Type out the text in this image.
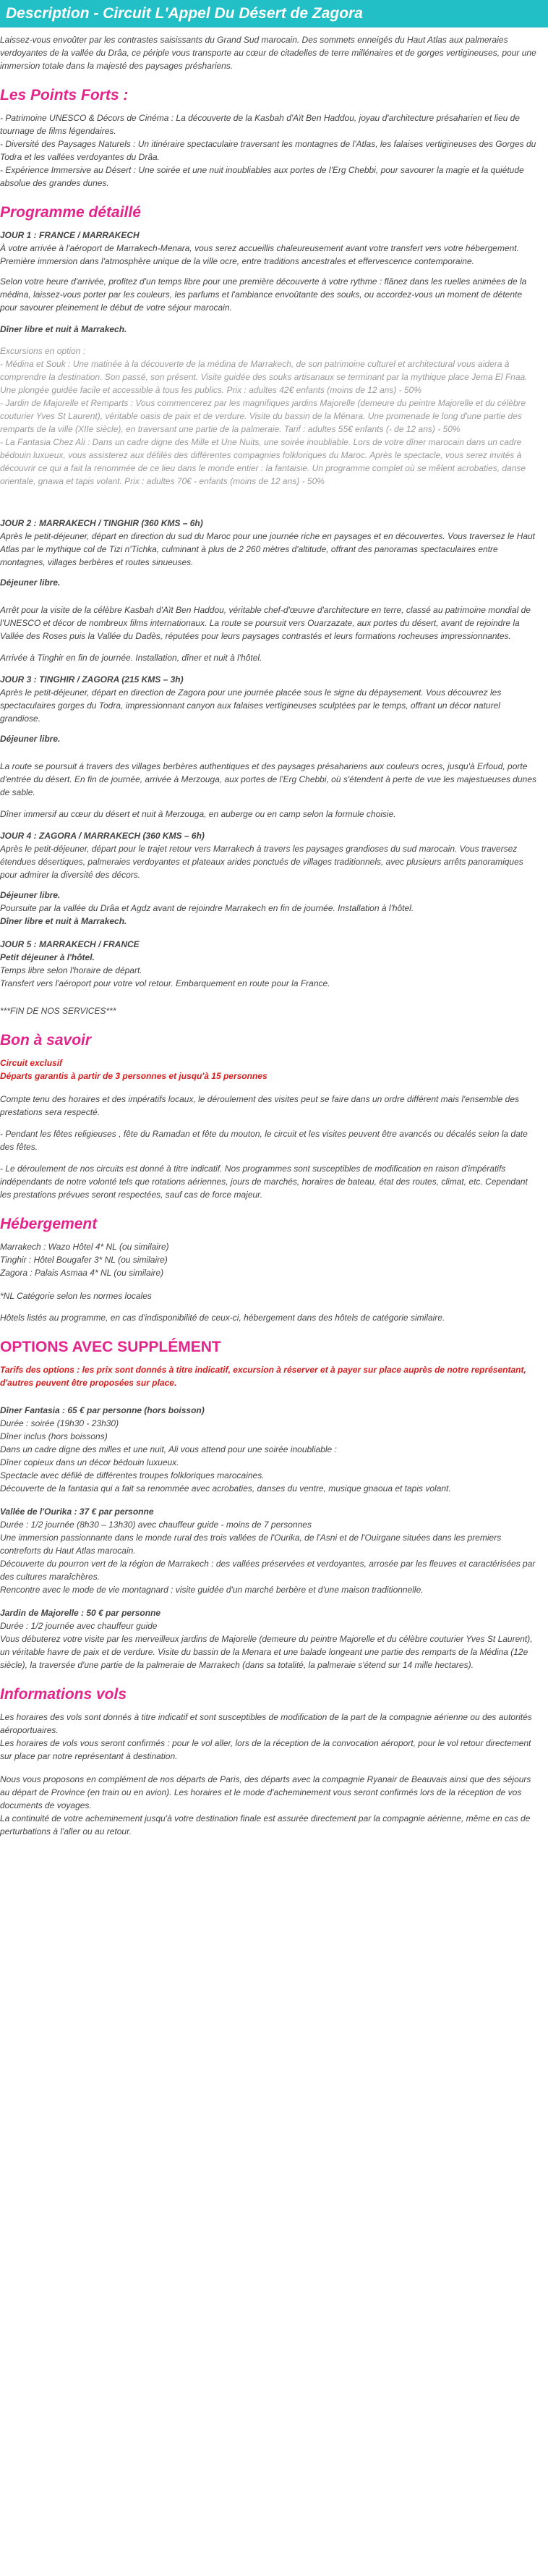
Description - Circuit L'Appel Du Désert de Zagora

Laissez-vous envoûter par les contrastes saisissants du Grand Sud marocain. Des sommets enneigés du Haut Atlas aux palmeraies verdoyantes de la vallée du Drâa, ce périple vous transporte au cœur de citadelles de terre millénaires et de gorges vertigineuses, pour une immersion totale dans la majesté des paysages préshariens.

Les Points Forts :
- Patrimoine UNESCO & Décors de Cinéma : La découverte de la Kasbah d'Aït Ben Haddou, joyau d'architecture présaharien et lieu de tournage de films légendaires.
- Diversité des Paysages Naturels : Un itinéraire spectaculaire traversant les montagnes de l'Atlas, les falaises vertigineuses des Gorges du Todra et les vallées verdoyantes du Drâa.
- Expérience Immersive au Désert : Une soirée et une nuit inoubliables aux portes de l'Erg Chebbi, pour savourer la magie et la quiétude absolue des grandes dunes.
Programme détaillé
JOUR 1 : FRANCE / MARRAKECH
À votre arrivée à l'aéroport de Marrakech-Menara, vous serez accueillis chaleureusement avant votre transfert vers votre hébergement. Première immersion dans l'atmosphère unique de la ville ocre, entre traditions ancestrales et effervescence contemporaine.

Selon votre heure d'arrivée, profitez d'un temps libre pour une première découverte à votre rythme : flânez dans les ruelles animées de la médina, laissez-vous porter par les couleurs, les parfums et l'ambiance envoûtante des souks, ou accordez-vous un moment de détente pour savourer pleinement le début de votre séjour marocain.

Dîner libre et nuit à Marrakech.

Excursions en option :
- Médina et Souk : Une matinée à la découverte de la médina de Marrakech, de son patrimoine culturel et architectural vous aidera à comprendre la destination. Son passé, son présent. Visite guidée des souks artisanaux se terminant par la mythique place Jema El Fnaa. Une plongée guidée facile et accessible à tous les publics. Prix : adultes 42€ enfants (moins de 12 ans) - 50%
- Jardin de Majorelle et Remparts : Vous commencerez par les magnifiques jardins Majorelle (demeure du peintre Majorelle et du célèbre couturier Yves St Laurent), véritable oasis de paix et de verdure. Visite du bassin de la Ménara. Une promenade le long d'une partie des remparts de la ville (XIIe siècle), en traversant une partie de la palmeraie. Tarif : adultes 55€ enfants (- de 12 ans) - 50%
- La Fantasia Chez Ali : Dans un cadre digne des Mille et Une Nuits, une soirée inoubliable. Lors de votre dîner marocain dans un cadre bédouin luxueux, vous assisterez aux défilés des différentes compagnies folkloriques du Maroc. Après le spectacle, vous serez invités à découvrir ce qui a fait la renommée de ce lieu dans le monde entier : la fantaisie. Un programme complet où se mêlent acrobaties, danse orientale, gnawa et tapis volant. Prix : adultes 70€ - enfants (moins de 12 ans) - 50%
JOUR 2 : MARRAKECH / TINGHIR (360 KMS – 6h)
Après le petit-déjeuner, départ en direction du sud du Maroc pour une journée riche en paysages et en découvertes. Vous traversez le Haut Atlas par le mythique col de Tizi n'Tichka, culminant à plus de 2 260 mètres d'altitude, offrant des panoramas spectaculaires entre montagnes, villages berbères et routes sinueuses.

Déjeuner libre.

Arrêt pour la visite de la célèbre Kasbah d'Aït Ben Haddou, véritable chef-d'œuvre d'architecture en terre, classé au patrimoine mondial de l'UNESCO et décor de nombreux films internationaux. La route se poursuit vers Ouarzazate, aux portes du désert, avant de rejoindre la Vallée des Roses puis la Vallée du Dadès, réputées pour leurs paysages contrastés et leurs formations rocheuses impressionnantes.

Arrivée à Tinghir en fin de journée. Installation, dîner et nuit à l'hôtel.

JOUR 3 : TINGHIR / ZAGORA (215 KMS – 3h)
Après le petit-déjeuner, départ en direction de Zagora pour une journée placée sous le signe du dépaysement. Vous découvrez les spectaculaires gorges du Todra, impressionnant canyon aux falaises vertigineuses sculptées par le temps, offrant un décor naturel grandiose.

Déjeuner libre.

La route se poursuit à travers des villages berbères authentiques et des paysages présahariens aux couleurs ocres, jusqu'à Erfoud, porte d'entrée du désert. En fin de journée, arrivée à Merzouga, aux portes de l'Erg Chebbi, où s'étendent à perte de vue les majestueuses dunes de sable.

Dîner immersif au cœur du désert et nuit à Merzouga, en auberge ou en camp selon la formule choisie.

JOUR 4 : ZAGORA / MARRAKECH (360 KMS – 6h)
Après le petit-déjeuner, départ pour le trajet retour vers Marrakech à travers les paysages grandioses du sud marocain. Vous traversez étendues désertiques, palmeraies verdoyantes et plateaux arides ponctués de villages traditionnels, avec plusieurs arrêts panoramiques pour admirer la diversité des décors.
Déjeuner libre.
Poursuite par la vallée du Drâa et Agdz avant de rejoindre Marrakech en fin de journée. Installation à l'hôtel.
Dîner libre et nuit à Marrakech.
JOUR 5 : MARRAKECH / FRANCE
Petit déjeuner à l'hôtel.
Temps libre selon l'horaire de départ.
Transfert vers l'aéroport pour votre vol retour. Embarquement en route pour la France.

***FIN DE NOS SERVICES***

Bon à savoir
Circuit exclusif
Départs garantis à partir de 3 personnes et jusqu'à 15 personnes

Compte tenu des horaires et des impératifs locaux, le déroulement des visites peut se faire dans un ordre différent mais l'ensemble des prestations sera respecté.

- Pendant les fêtes religieuses , fête du Ramadan et fête du mouton, le circuit et les visites peuvent être avancés ou décalés selon la date des fêtes.

- Le déroulement de nos circuits est donné à titre indicatif. Nos programmes sont susceptibles de modification en raison d'impératifs indépendants de notre volonté tels que rotations aériennes, jours de marchés, horaires de bateau, état des routes, climat, etc. Cependant les prestations prévues seront respectées, sauf cas de force majeur.

Hébergement
Marrakech : Wazo Hôtel 4* NL (ou similaire)
Tinghir : Hôtel Bougafer 3* NL (ou similaire)
Zagora : Palais Asmaa 4* NL (ou similaire)

*NL Catégorie selon les normes locales

Hôtels listés au programme, en cas d'indisponibilité de ceux-ci, hébergement dans des hôtels de catégorie similaire.

OPTIONS AVEC SUPPLÉMENT

Tarifs des options : les prix sont donnés à titre indicatif, excursion à réserver et à payer sur place auprès de notre représentant, d'autres peuvent être proposées sur place.

Dîner Fantasia : 65 € par personne (hors boisson)
Durée : soirée (19h30 - 23h30)
Dîner inclus (hors boissons)
Dans un cadre digne des milles et une nuit, Ali vous attend pour une soirée inoubliable :
Dîner copieux dans un décor bédouin luxueux.
Spectacle avec défilé de différentes troupes folkloriques marocaines.
Découverte de la fantasia qui a fait sa renommée avec acrobaties, danses du ventre, musique gnaoua et tapis volant.
Vallée de l'Ourika : 37 € par personne
Durée : 1/2 journée (8h30 – 13h30) avec chauffeur guide - moins de 7 personnes
Une immersion passionnante dans le monde rural des trois vallées de l'Ourika, de l'Asni et de l'Ouirgane situées dans les premiers contreforts du Haut Atlas marocain.
Découverte du pourron vert de la région de Marrakech : des vallées préservées et verdoyantes, arrosée par les fleuves et caractérisées par des cultures maraîchères.
Rencontre avec le mode de vie montagnard : visite guidée d'un marché berbère et d'une maison traditionnelle.
Jardin de Majorelle : 50 € par personne
Durée : 1/2 journée avec chauffeur guide
Vous débuterez votre visite par les merveilleux jardins de Majorelle (demeure du peintre Majorelle et du célèbre couturier Yves St Laurent), un véritable havre de paix et de verdure. Visite du bassin de la Menara et une balade longeant une partie des remparts de la Médina (12e siècle), la traversée d'une partie de la palmeraie de Marrakech (dans sa totalité, la palmeraie s'étend sur 14 mille hectares).
Informations vols
Les horaires des vols sont donnés à titre indicatif et sont susceptibles de modification de la part de la compagnie aérienne ou des autorités aéroportuaires.
Les horaires de vols vous seront confirmés : pour le vol aller, lors de la réception de la convocation aéroport, pour le vol retour directement sur place par notre représentant à destination.
Nous vous proposons en complément de nos départs de Paris, des départs avec la compagnie Ryanair de Beauvais ainsi que des séjours au départ de Province (en train ou en avion). Les horaires et le mode d'acheminement vous seront confirmés lors de la réception de vos documents de voyages.
La continuité de votre acheminement jusqu'à votre destination finale est assurée directement par la compagnie aérienne, même en cas de perturbations à l'aller ou au retour.
